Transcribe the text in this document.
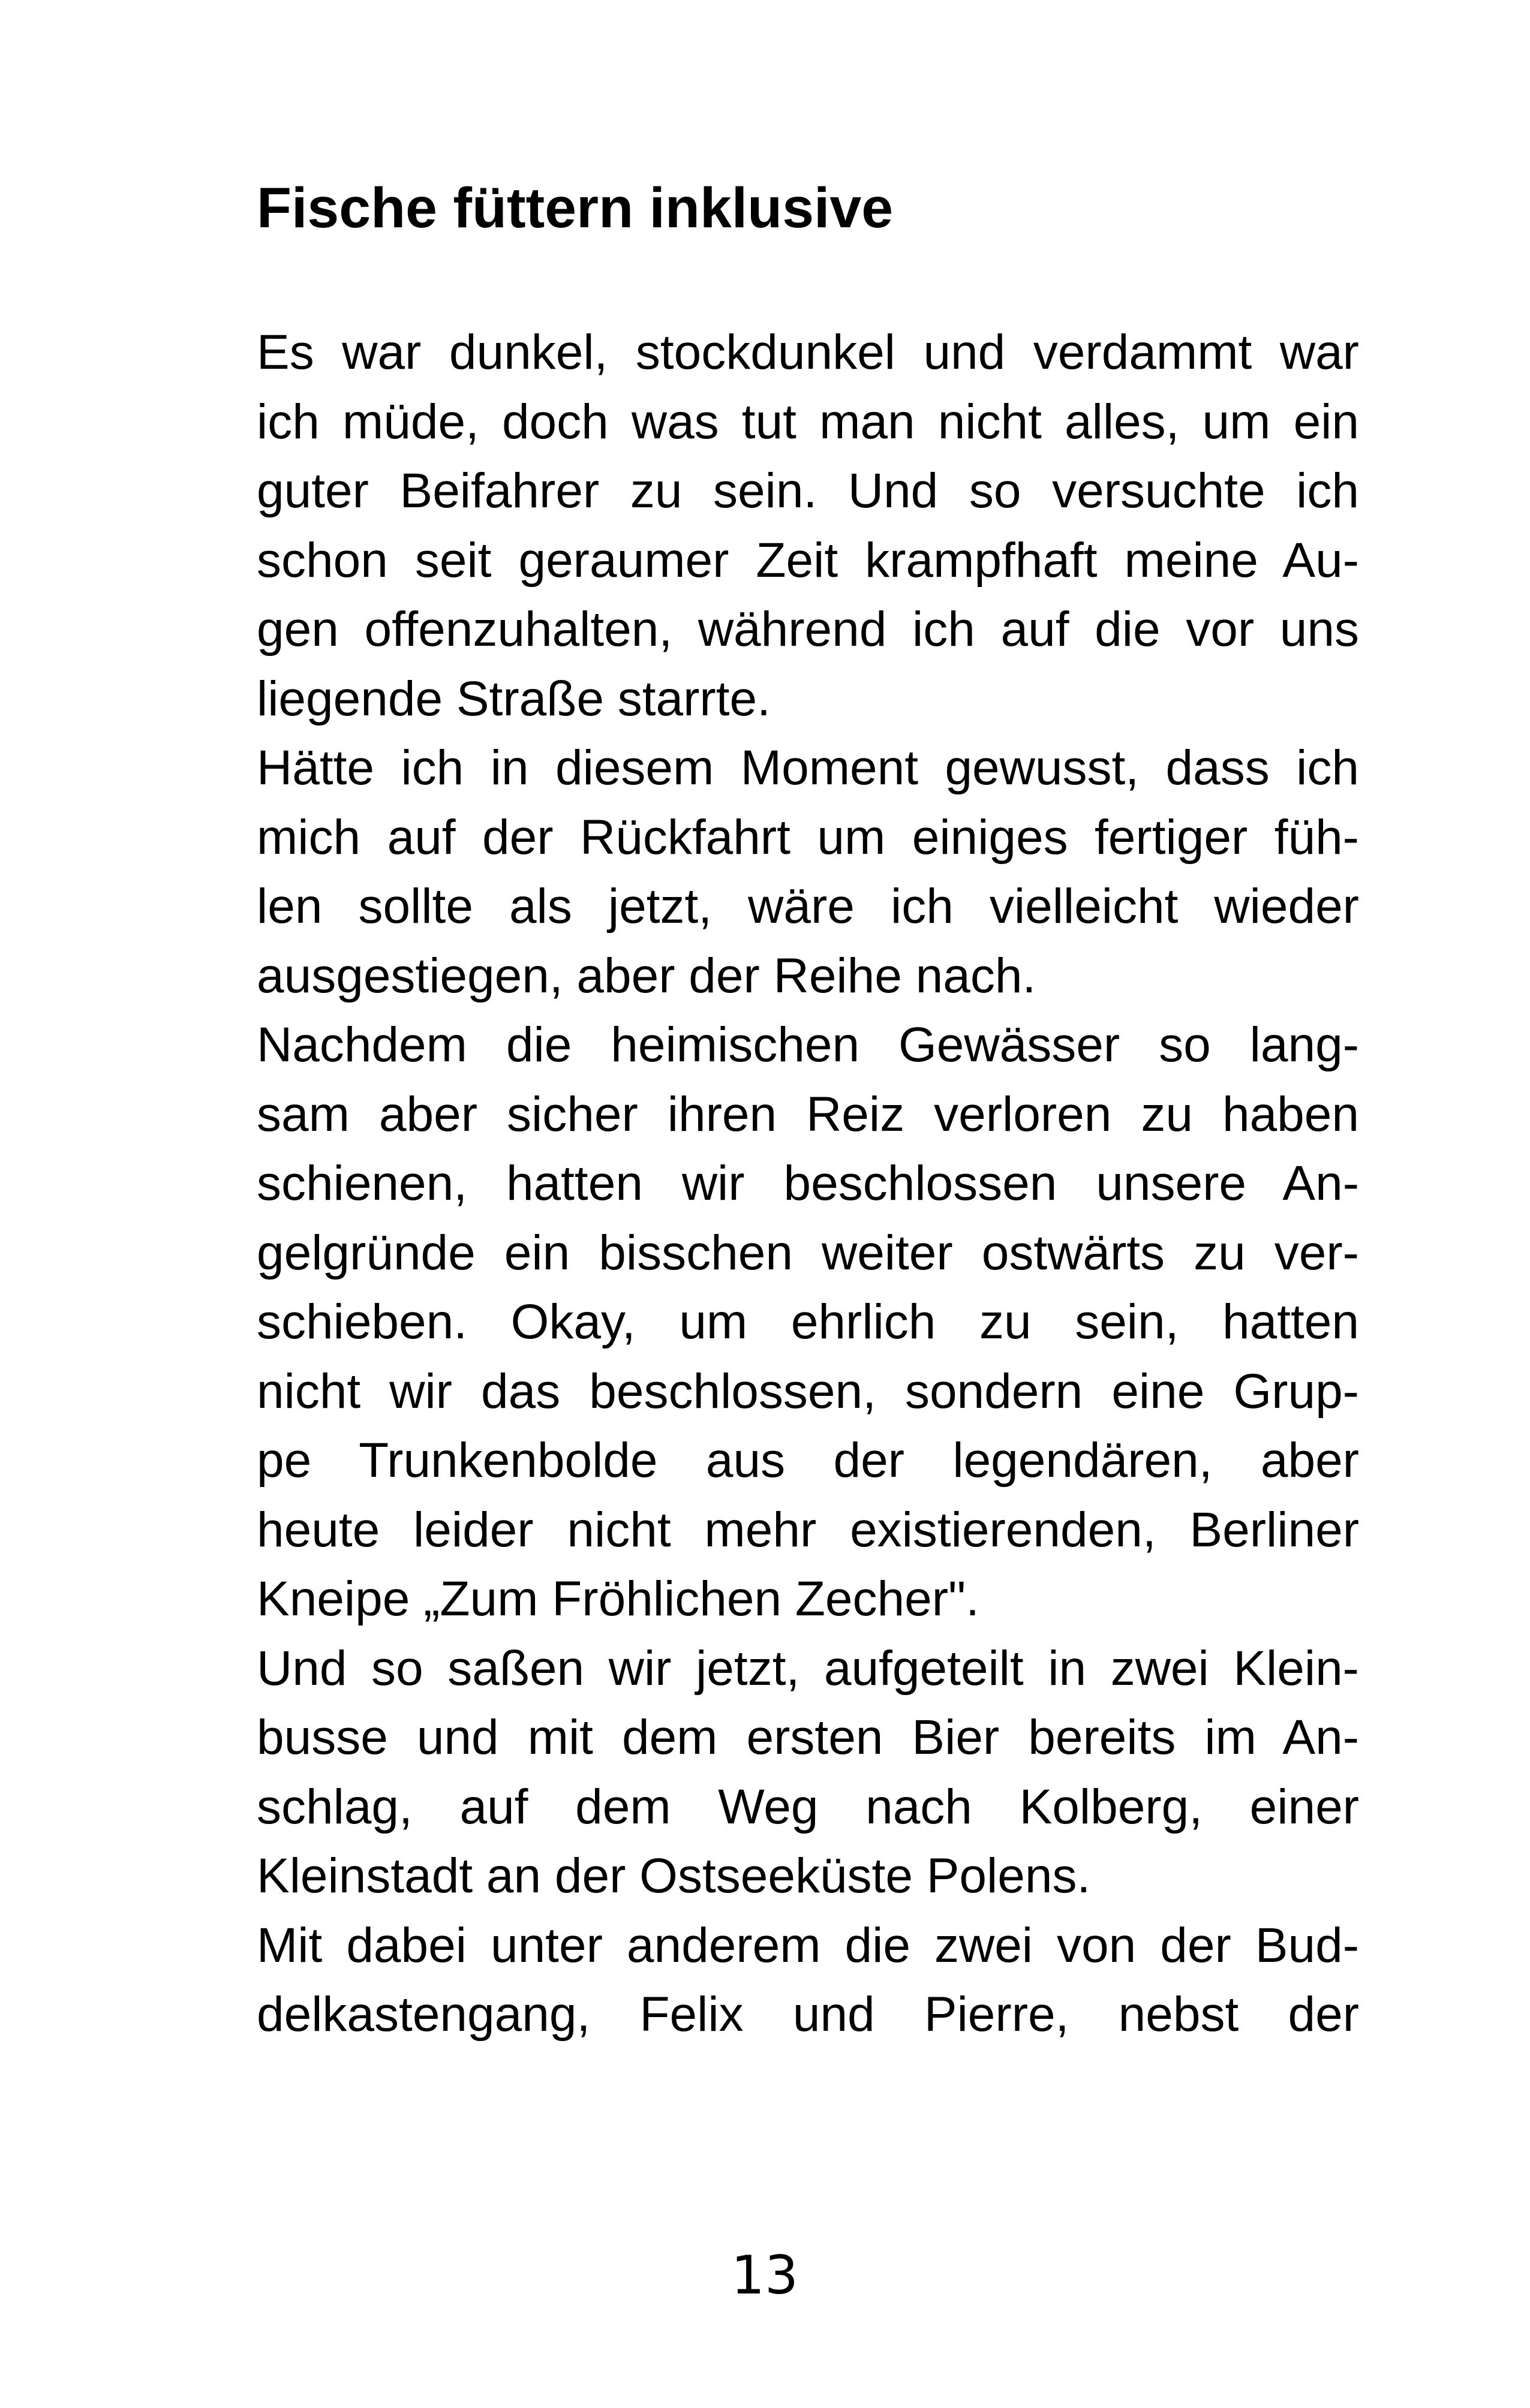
Fische füttern inklusive
Es war dunkel, stockdunkel und verdammt war
ich müde, doch was tut man nicht alles, um ein
guter Beifahrer zu sein. Und so versuchte ich
schon seit geraumer Zeit krampfhaft meine Au-
gen offenzuhalten, während ich auf die vor uns
liegende Straße starrte.
Hätte ich in diesem Moment gewusst, dass ich
mich auf der Rückfahrt um einiges fertiger füh-
len sollte als jetzt, wäre ich vielleicht wieder
ausgestiegen, aber der Reihe nach.
Nachdem die heimischen Gewässer so lang-
sam aber sicher ihren Reiz verloren zu haben
schienen, hatten wir beschlossen unsere An-
gelgründe ein bisschen weiter ostwärts zu ver-
schieben. Okay, um ehrlich zu sein, hatten
nicht wir das beschlossen, sondern eine Grup-
pe Trunkenbolde aus der legendären, aber
heute leider nicht mehr existierenden, Berliner
Kneipe „Zum Fröhlichen Zecher".
Und so saßen wir jetzt, aufgeteilt in zwei Klein-
busse und mit dem ersten Bier bereits im An-
schlag, auf dem Weg nach Kolberg, einer
Kleinstadt an der Ostseeküste Polens.
Mit dabei unter anderem die zwei von der Bud-
delkastengang, Felix und Pierre, nebst der
13
